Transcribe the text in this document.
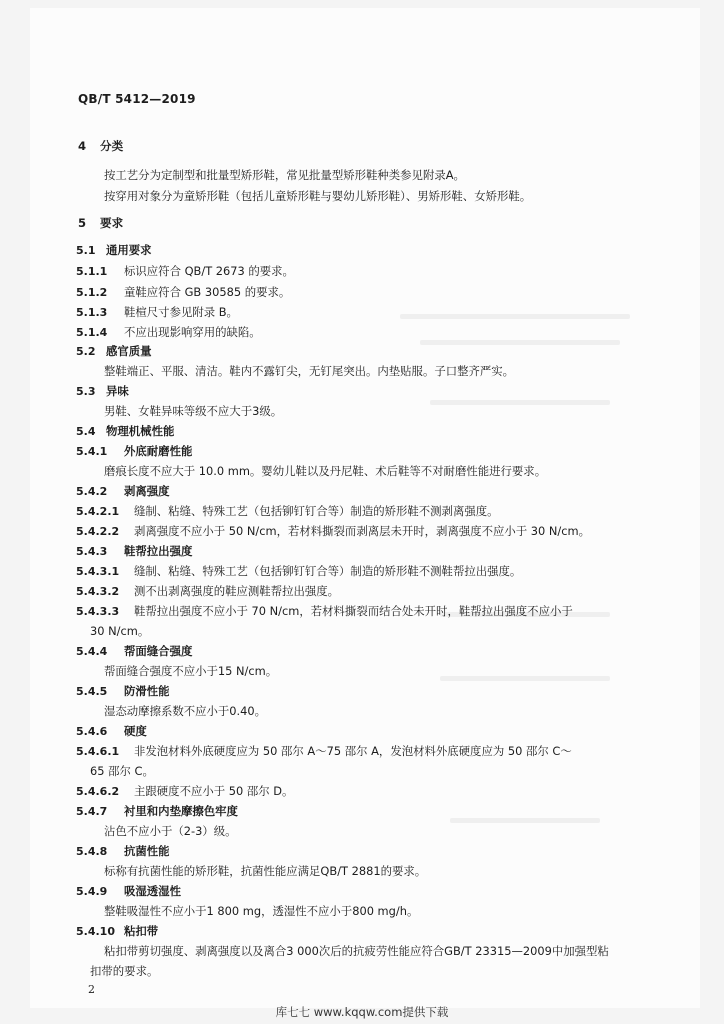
QB/T 5412—2019
4 分类
按工艺分为定制型和批量型矫形鞋，常见批量型矫形鞋种类参见附录A。
按穿用对象分为童矫形鞋（包括儿童矫形鞋与婴幼儿矫形鞋）、男矫形鞋、女矫形鞋。
5 要求
5.1 通用要求
5.1.1 标识应符合 QB/T 2673 的要求。
5.1.2 童鞋应符合 GB 30585 的要求。
5.1.3 鞋楦尺寸参见附录 B。
5.1.4 不应出现影响穿用的缺陷。
5.2 感官质量
整鞋端正、平服、清洁。鞋内不露钉尖，无钉尾突出。内垫贴服。子口整齐严实。
5.3 异味
男鞋、女鞋异味等级不应大于3级。
5.4 物理机械性能
5.4.1 外底耐磨性能
磨痕长度不应大于 10.0 mm。婴幼儿鞋以及丹尼鞋、术后鞋等不对耐磨性能进行要求。
5.4.2 剥离强度
5.4.2.1 缝制、粘缝、特殊工艺（包括铆钉钉合等）制造的矫形鞋不测剥离强度。
5.4.2.2 剥离强度不应小于 50 N/cm，若材料撕裂而剥离层未开时，剥离强度不应小于 30 N/cm。
5.4.3 鞋帮拉出强度
5.4.3.1 缝制、粘缝、特殊工艺（包括铆钉钉合等）制造的矫形鞋不测鞋帮拉出强度。
5.4.3.2 测不出剥离强度的鞋应测鞋帮拉出强度。
5.4.3.3 鞋帮拉出强度不应小于 70 N/cm，若材料撕裂而结合处未开时，鞋帮拉出强度不应小于
30 N/cm。
5.4.4 帮面缝合强度
帮面缝合强度不应小于15 N/cm。
5.4.5 防滑性能
湿态动摩擦系数不应小于0.40。
5.4.6 硬度
5.4.6.1 非发泡材料外底硬度应为 50 邵尔 A～75 邵尔 A，发泡材料外底硬度应为 50 邵尔 C～
65 邵尔 C。
5.4.6.2 主跟硬度不应小于 50 邵尔 D。
5.4.7 衬里和内垫摩擦色牢度
沾色不应小于（2-3）级。
5.4.8 抗菌性能
标称有抗菌性能的矫形鞋，抗菌性能应满足QB/T 2881的要求。
5.4.9 吸湿透湿性
整鞋吸湿性不应小于1 800 mg，透湿性不应小于800 mg/h。
5.4.10 粘扣带
粘扣带剪切强度、剥离强度以及离合3 000次后的抗疲劳性能应符合GB/T 23315—2009中加强型粘
扣带的要求。
2
库七七 www.kqqw.com提供下载
